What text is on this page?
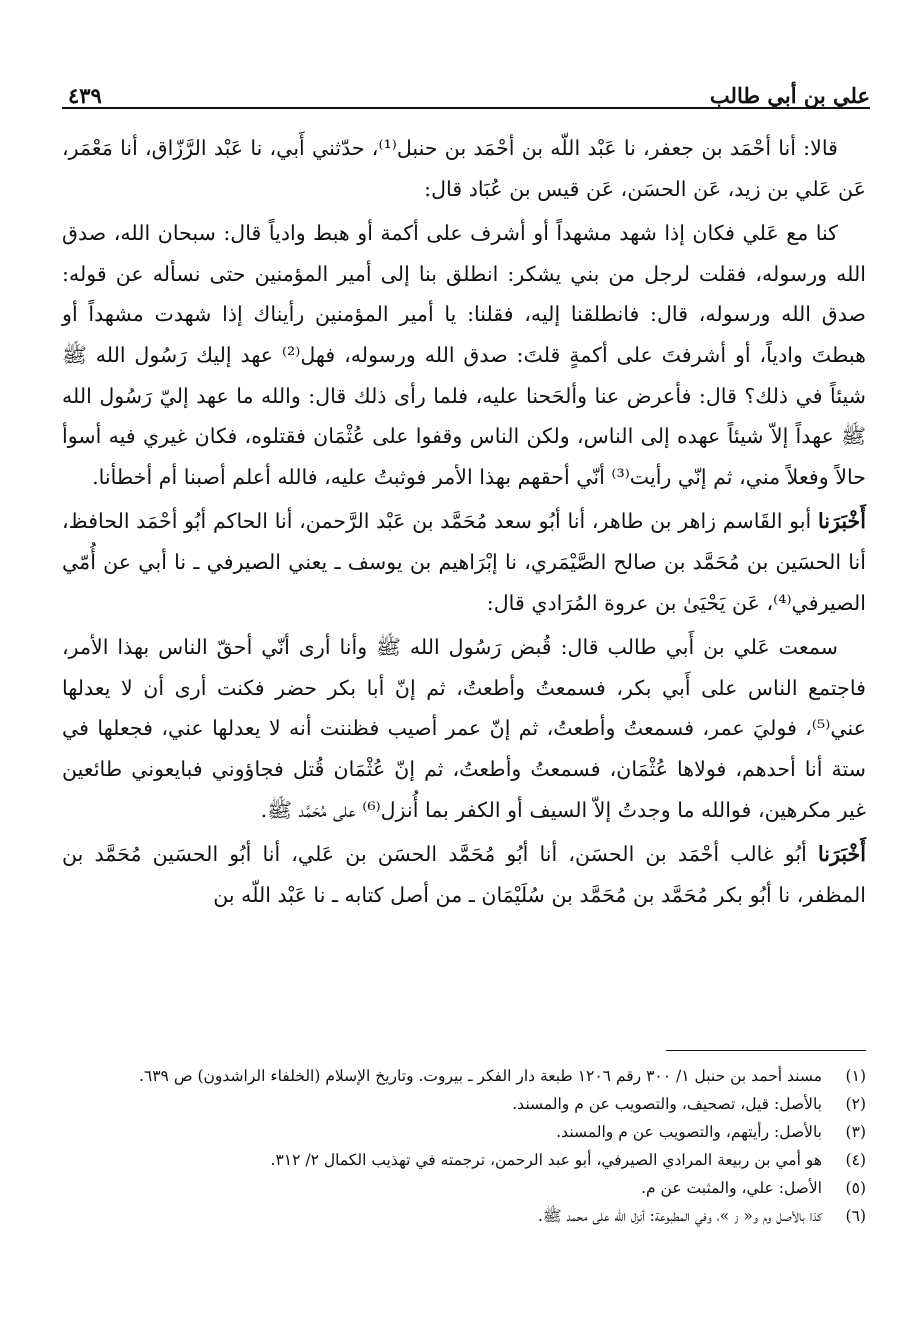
علي بن أبي طالب
٤٣٩

قالا: أنا أحْمَد بن جعفر، نا عَبْد اللّه بن أحْمَد بن حنبل⁽¹⁾، حدّثني أَبي، نا عَبْد الرَّزّاق، أنا مَعْمَر، عَن عَلي بن زيد، عَن الحسَن، عَن قيس بن عُبَاد قال:

كنا مع عَلي فكان إذا شهد مشهداً أو أشرف على أكمة أو هبط وادياً قال: سبحان الله، صدق الله ورسوله، فقلت لرجل من بني يشكر: انطلق بنا إلى أمير المؤمنين حتى نسأله عن قوله: صدق الله ورسوله، قال: فانطلقنا إليه، فقلنا: يا أمير المؤمنين رأيناك إذا شهدت مشهداً أو هبطتَ وادياً، أو أشرفتَ على أكمةٍ قلتَ: صدق الله ورسوله، فهل⁽²⁾ عهد إليك رَسُول الله ﷺ شيئاً في ذلك؟ قال: فأعرض عنا وألحَحنا عليه، فلما رأى ذلك قال: والله ما عهد إليّ رَسُول الله ﷺ عهداً إلاّ شيئاً عهده إلى الناس، ولكن الناس وقفوا على عُثْمَان فقتلوه، فكان غيري فيه أسوأ حالاً وفعلاً مني، ثم إنّي رأيت⁽³⁾ أنّي أحقهم بهذا الأمر فوثبتُ عليه، فالله أعلم أصبنا أم أخطأنا.

أَخْبَرَنا أبو القَاسم زاهر بن طاهر، أنا أبُو سعد مُحَمَّد بن عَبْد الرَّحمن، أنا الحاكم أبُو أحْمَد الحافظ، أنا الحسَين بن مُحَمَّد بن صالح الصَّيْمَري، نا إبْرَاهيم بن يوسف ـ يعني الصيرفي ـ نا أبي عن أُمّي الصيرفي⁽⁴⁾، عَن يَحْيَىٰ بن عروة المُرَادي قال:

سمعت عَلي بن أَبي طالب قال: قُبض رَسُول الله ﷺ وأنا أرى أنّي أحقّ الناس بهذا الأمر، فاجتمع الناس على أَبي بكر، فسمعتُ وأطعتُ، ثم إنّ أبا بكر حضر فكنت أرى أن لا يعدلها عني⁽⁵⁾، فوليَ عمر، فسمعتُ وأطعتُ، ثم إنّ عمر أصيب فظننت أنه لا يعدلها عني، فجعلها في ستة أنا أحدهم، فولاها عُثْمَان، فسمعتُ وأطعتُ، ثم إنّ عُثْمَان قُتل فجاؤوني فبايعوني طائعين غير مكرهين، فوالله ما وجدتُ إلاّ السيف أو الكفر بما أُنزل⁽⁶⁾ على مُحَمَّد ﷺ.

أَخْبَرَنا أبُو غالب أحْمَد بن الحسَن، أنا أبُو مُحَمَّد الحسَن بن عَلي، أنا أبُو الحسَين مُحَمَّد بن المظفر، نا أبُو بكر مُحَمَّد بن مُحَمَّد بن سُلَيْمَان ـ من أصل كتابه ـ نا عَبْد اللّه بن

(١)
مسند أحمد بن حنبل ١/ ٣٠٠ رقم ١٢٠٦ طبعة دار الفكر ـ بيروت. وتاريخ الإسلام (الخلفاء الراشدون) ص ٦٣٩.
(٢)
بالأصل: قيل، تصحيف، والتصويب عن م والمسند.
(٣)
بالأصل: رأيتهم، والتصويب عن م والمسند.
(٤)
هو أمي بن ربيعة المرادي الصيرفي، أبو عبد الرحمن، ترجمته في تهذيب الكمال ٢/ ٣١٢.
(٥)
الأصل: علي، والمثبت عن م.
(٦)
كذا بالأصل وم و« ز »، وفي المطبوعة: أنزل الله على محمد ﷺ.
